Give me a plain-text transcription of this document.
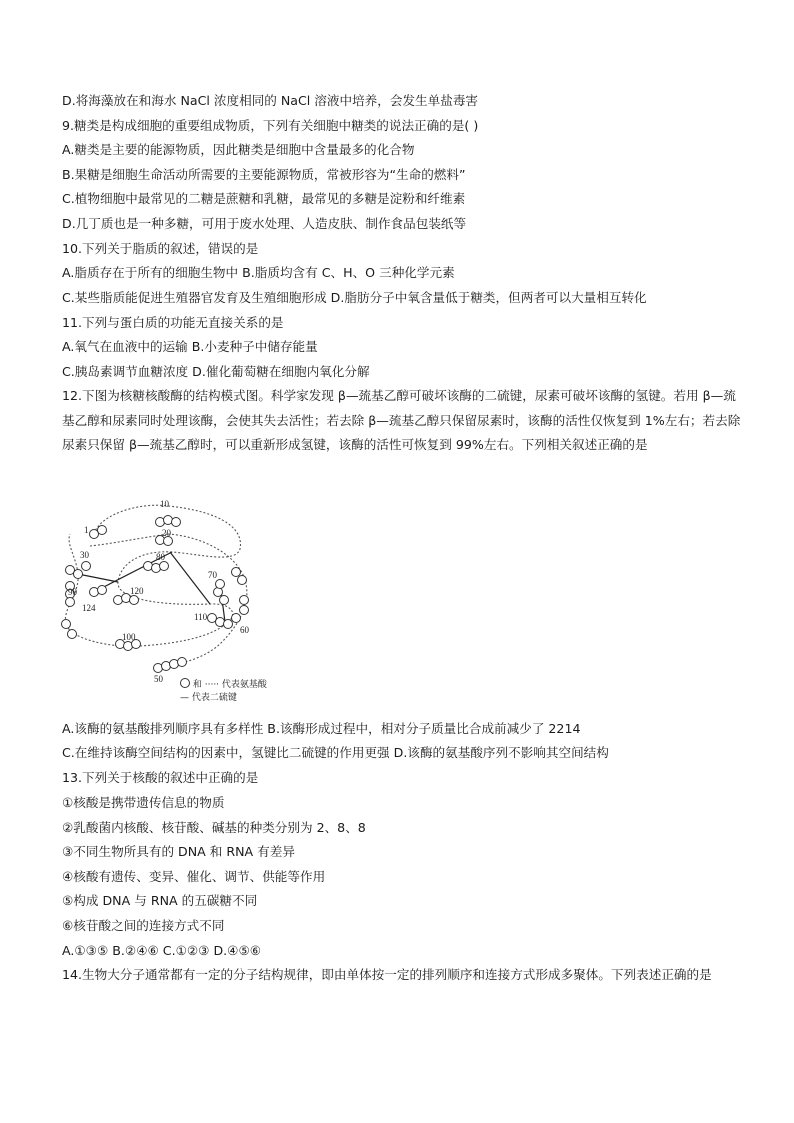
D.将海藻放在和海水 NaCl 浓度相同的 NaCl 溶液中培养，会发生单盐毒害
9.糖类是构成细胞的重要组成物质，下列有关细胞中糖类的说法正确的是( )
A.糖类是主要的能源物质，因此糖类是细胞中含量最多的化合物
B.果糖是细胞生命活动所需要的主要能源物质，常被形容为“生命的燃料”
C.植物细胞中最常见的二糖是蔗糖和乳糖，最常见的多糖是淀粉和纤维素
D.几丁质也是一种多糖，可用于废水处理、人造皮肤、制作食品包装纸等
10.下列关于脂质的叙述，错误的是
A.脂质存在于所有的细胞生物中 B.脂质均含有 C、H、O 三种化学元素
C.某些脂质能促进生殖器官发育及生殖细胞形成 D.脂肪分子中氧含量低于糖类，但两者可以大量相互转化
11.下列与蛋白质的功能无直接关系的是
A.氧气在血液中的运输 B.小麦种子中储存能量
C.胰岛素调节血糖浓度 D.催化葡萄糖在细胞内氧化分解
12.下图为核糖核酸酶的结构模式图。科学家发现 β—巯基乙醇可破坏该酶的二硫键，尿素可破坏该酶的氢键。若用 β—巯基乙醇和尿素同时处理该酶，会使其失去活性；若去除 β—巯基乙醇只保留尿素时，该酶的活性仅恢复到 1%左右；若去除尿素只保留 β—巯基乙醇时，可以重新形成氢键，该酶的活性可恢复到 99%左右。下列相关叙述正确的是
10
1	20
30	80
70
90	120
124
110
60
100
50
和 ····· 代表氨基酸
— 代表二硫键
A.该酶的氨基酸排列顺序具有多样性 B.该酶形成过程中，相对分子质量比合成前减少了 2214
C.在维持该酶空间结构的因素中，氢键比二硫键的作用更强 D.该酶的氨基酸序列不影响其空间结构
13.下列关于核酸的叙述中正确的是
①核酸是携带遗传信息的物质
②乳酸菌内核酸、核苷酸、碱基的种类分别为 2、8、8
③不同生物所具有的 DNA 和 RNA 有差异
④核酸有遗传、变异、催化、调节、供能等作用
⑤构成 DNA 与 RNA 的五碳糖不同
⑥核苷酸之间的连接方式不同
A.①③⑤ B.②④⑥ C.①②③ D.④⑤⑥
14.生物大分子通常都有一定的分子结构规律，即由单体按一定的排列顺序和连接方式形成多聚体。下列表述正确的是
